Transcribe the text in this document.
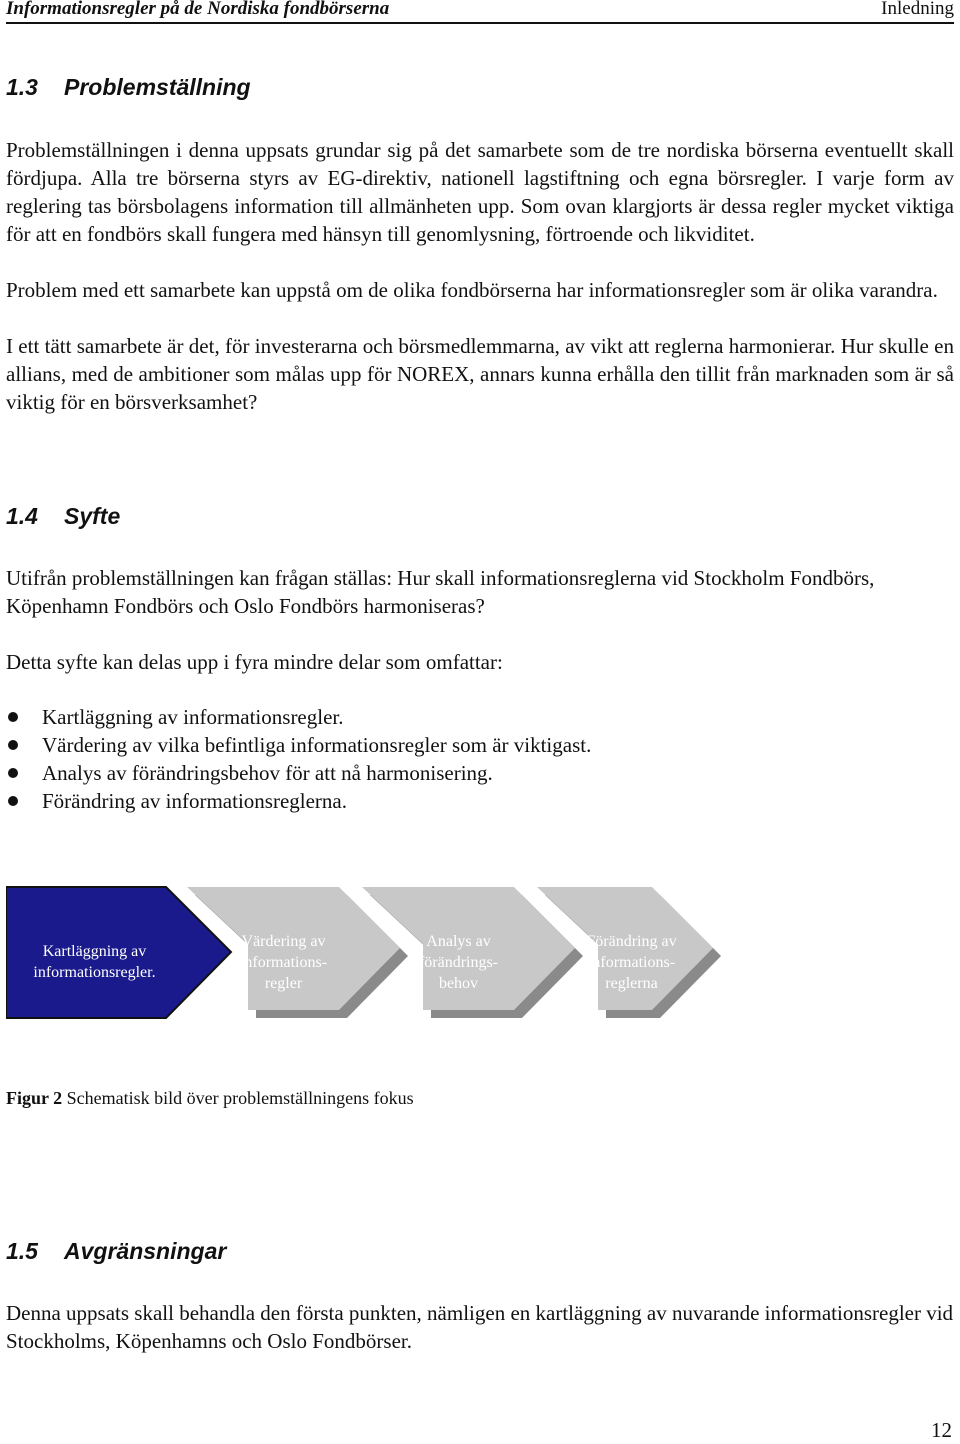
Informationsregler på de Nordiska fondbörserna	Inledning
1.3 Problemställning

Problemställningen i denna uppsats grundar sig på det samarbete som de tre nordiska börserna eventuellt skall fördjupa. Alla tre börserna styrs av EG-direktiv, nationell lagstiftning och egna börsregler. I varje form av reglering tas börsbolagens information till allmänheten upp. Som ovan klargjorts är dessa regler mycket viktiga för att en fondbörs skall fungera med hänsyn till genomlysning, förtroende och likviditet.

Problem med ett samarbete kan uppstå om de olika fondbörserna har informationsregler som är olika varandra.

I ett tätt samarbete är det, för investerarna och börsmedlemmarna, av vikt att reglerna harmonierar. Hur skulle en allians, med de ambitioner som målas upp för NOREX, annars kunna erhålla den tillit från marknaden som är så viktig för en börsverksamhet?

1.4 Syfte

Utifrån problemställningen kan frågan ställas: Hur skall informationsreglerna vid Stockholm Fondbörs, Köpenhamn Fondbörs och Oslo Fondbörs harmoniseras?

Detta syfte kan delas upp i fyra mindre delar som omfattar:

Kartläggning av informationsregler.
Värdering av vilka befintliga informationsregler som är viktigast.
Analys av förändringsbehov för att nå harmonisering.
Förändring av informationsreglerna.
Kartläggning av
informationsregler.
Värdering av
informations-
regler
Analys av
förändrings-
behov
Förändring av
informations-
reglerna
Figur 2 Schematisk bild över problemställningens fokus
1.5 Avgränsningar

Denna uppsats skall behandla den första punkten, nämligen en kartläggning av nuvarande informationsregler vid Stockholms, Köpenhamns och Oslo Fondbörser.

12
